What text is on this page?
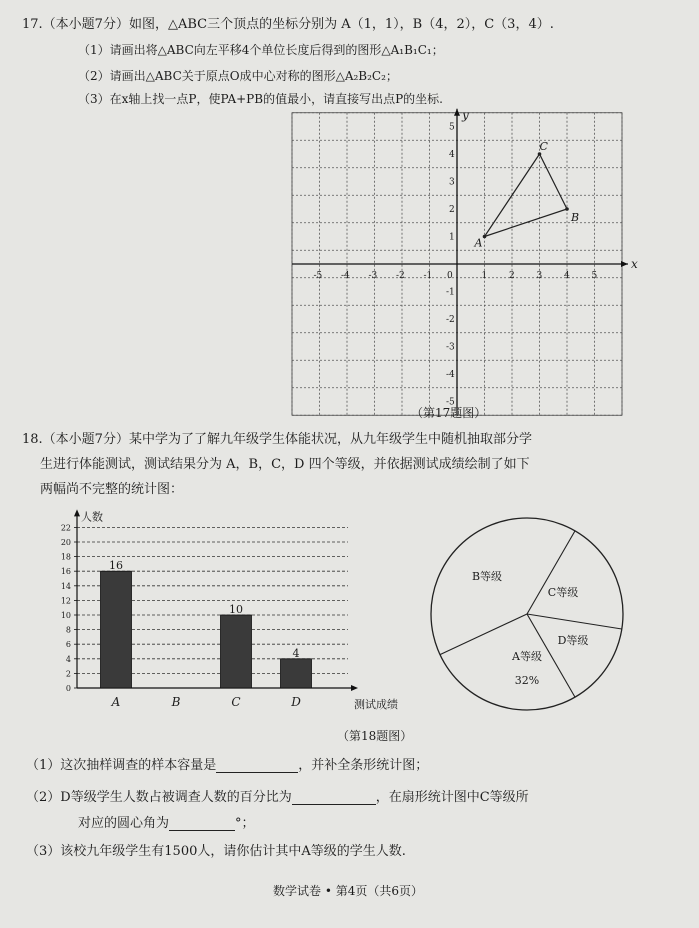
17.（本小题7分）如图，△ABC三个顶点的坐标分别为 A（1，1），B（4，2），C（3，4）.
（1）请画出将△ABC向左平移4个单位长度后得到的图形△A₁B₁C₁；
（2）请画出△ABC关于原点O成中心对称的图形△A₂B₂C₂；
（3）在x轴上找一点P，使PA+PB的值最小，请直接写出点P的坐标.
x
y
-5 -4 -3 -2 -1 0	1 2 3 4 5
5
4
3
2
1
-1
-2
-3
-4
-5
A
B
C
（第17题图）
18.（本小题7分）某中学为了了解九年级学生体能状况，从九年级学生中随机抽取部分学
生进行体能测试，测试结果分为 A，B，C，D 四个等级，并依据测试成绩绘制了如下
两幅尚不完整的统计图：
0
2
4
6
8
10
12
14
16
18
20
22
人数
测试成绩
16
A	B
10
C
4
D
B等级
C等级
D等级
A等级
32%
（第18题图）
（1）这次抽样调查的样本容量是	，并补全条形统计图；
（2）D等级学生人数占被调查人数的百分比为	，在扇形统计图中C等级所
对应的圆心角为	°；
（3）该校九年级学生有1500人，请你估计其中A等级的学生人数.
数学试卷 • 第4页（共6页）
